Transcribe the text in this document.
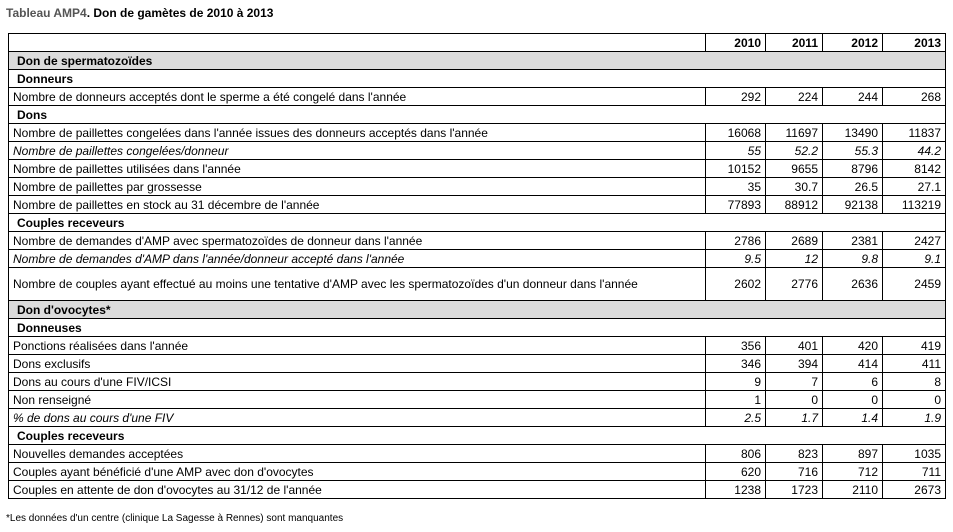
Tableau AMP4. Don de gamètes de 2010 à 2013
	2010	2011	2012	2013
Don de spermatozoïdes				
Donneurs				
Nombre de donneurs acceptés dont le sperme a été congelé dans l'année	292	224	244	268
Dons				
Nombre de paillettes congelées dans l'année issues des donneurs acceptés dans l'année	16068	11697	13490	11837
Nombre de paillettes congelées/donneur	55	52.2	55.3	44.2
Nombre de paillettes utilisées dans l'année	10152	9655	8796	8142
Nombre de paillettes par grossesse	35	30.7	26.5	27.1
Nombre de paillettes en stock au 31 décembre de l'année	77893	88912	92138	113219
Couples receveurs				
Nombre de demandes d'AMP avec spermatozoïdes de donneur dans l'année	2786	2689	2381	2427
Nombre de demandes d'AMP dans l'année/donneur accepté dans l'année	9.5	12	9.8	9.1
Nombre de couples ayant effectué au moins une tentative d'AMP avec les spermatozoïdes d'un donneur dans l'année	2602	2776	2636	2459
Don d'ovocytes*				
Donneuses				
Ponctions réalisées dans l'année	356	401	420	419
Dons exclusifs	346	394	414	411
Dons au cours d'une FIV/ICSI	9	7	6	8
Non renseigné	1	0	0	0
% de dons au cours d'une FIV	2.5	1.7	1.4	1.9
Couples receveurs				
Nouvelles demandes acceptées	806	823	897	1035
Couples ayant bénéficié d'une AMP avec don d'ovocytes	620	716	712	711
Couples en attente de don d'ovocytes au 31/12 de l'année	1238	1723	2110	2673
*Les données d'un centre (clinique La Sagesse à Rennes) sont manquantes
